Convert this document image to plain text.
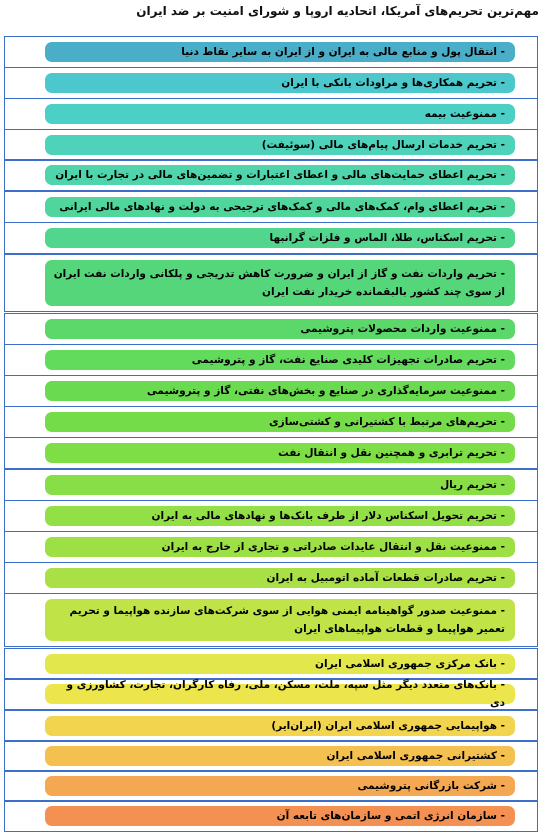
مهم‌ترین تحریم‌های آمریکا، اتحادیه اروپا و شورای امنیت بر ضد ایران
- انتقال پول و منابع مالی به ایران و از ایران به سایر نقاط دنیا
- تحریم همکاری‌ها و مراودات بانکی با ایران
- ممنوعیت بیمه
- تحریم خدمات ارسال پیام‌های مالی (سوئیفت)
- تحریم اعطای حمایت‌های مالی و اعطای اعتبارات و تضمین‌های مالی در تجارت با ایران
- تحریم اعطای وام، کمک‌های مالی و کمک‌های ترجیحی به دولت و نهادهای مالی ایرانی
- تحریم اسکناس، طلا، الماس و فلزات گرانبها
- تحریم واردات نفت و گاز از ایران و ضرورت کاهش تدریجی و پلکانی واردات نفت ایران از سوی چند کشور بالبقمانده خریدار نفت ایران
- ممنوعیت واردات محصولات پتروشیمی
- تحریم صادرات تجهیزات کلیدی صنایع نفت، گاز و پتروشیمی
- ممنوعیت سرمایه‌گذاری در صنایع و بخش‌های نفتی، گاز و پتروشیمی
- تحریم‌های مرتبط با کشتیرانی و کشتی‌سازی
- تحریم ترابری و همچنین نقل و انتقال نفت
- تحریم ریال
- تحریم تحویل اسکناس دلار از طرف بانک‌ها و نهادهای مالی به ایران
- ممنوعیت نقل و انتقال عایدات صادراتی و تجاری از خارج به ایران
- تحریم صادرات قطعات آماده اتومبیل به ایران
- ممنوعیت صدور گواهینامه ایمنی هوایی از سوی شرکت‌های سازنده هواپیما و تحریم تعمیر هواپیما و قطعات هواپیماهای ایران
- بانک مرکزی جمهوری اسلامی ایران
- بانک‌های متعدد دیگر مثل سپه، ملت، مسکن، ملی، رفاه کارگران، تجارت، کشاورزی و دی
- هواپیمایی جمهوری اسلامی ایران (ایران‌ایر)
- کشتیرانی جمهوری اسلامی ایران
- شرکت بازرگانی پتروشیمی
- سازمان انرژی اتمی و سازمان‌های تابعه آن
